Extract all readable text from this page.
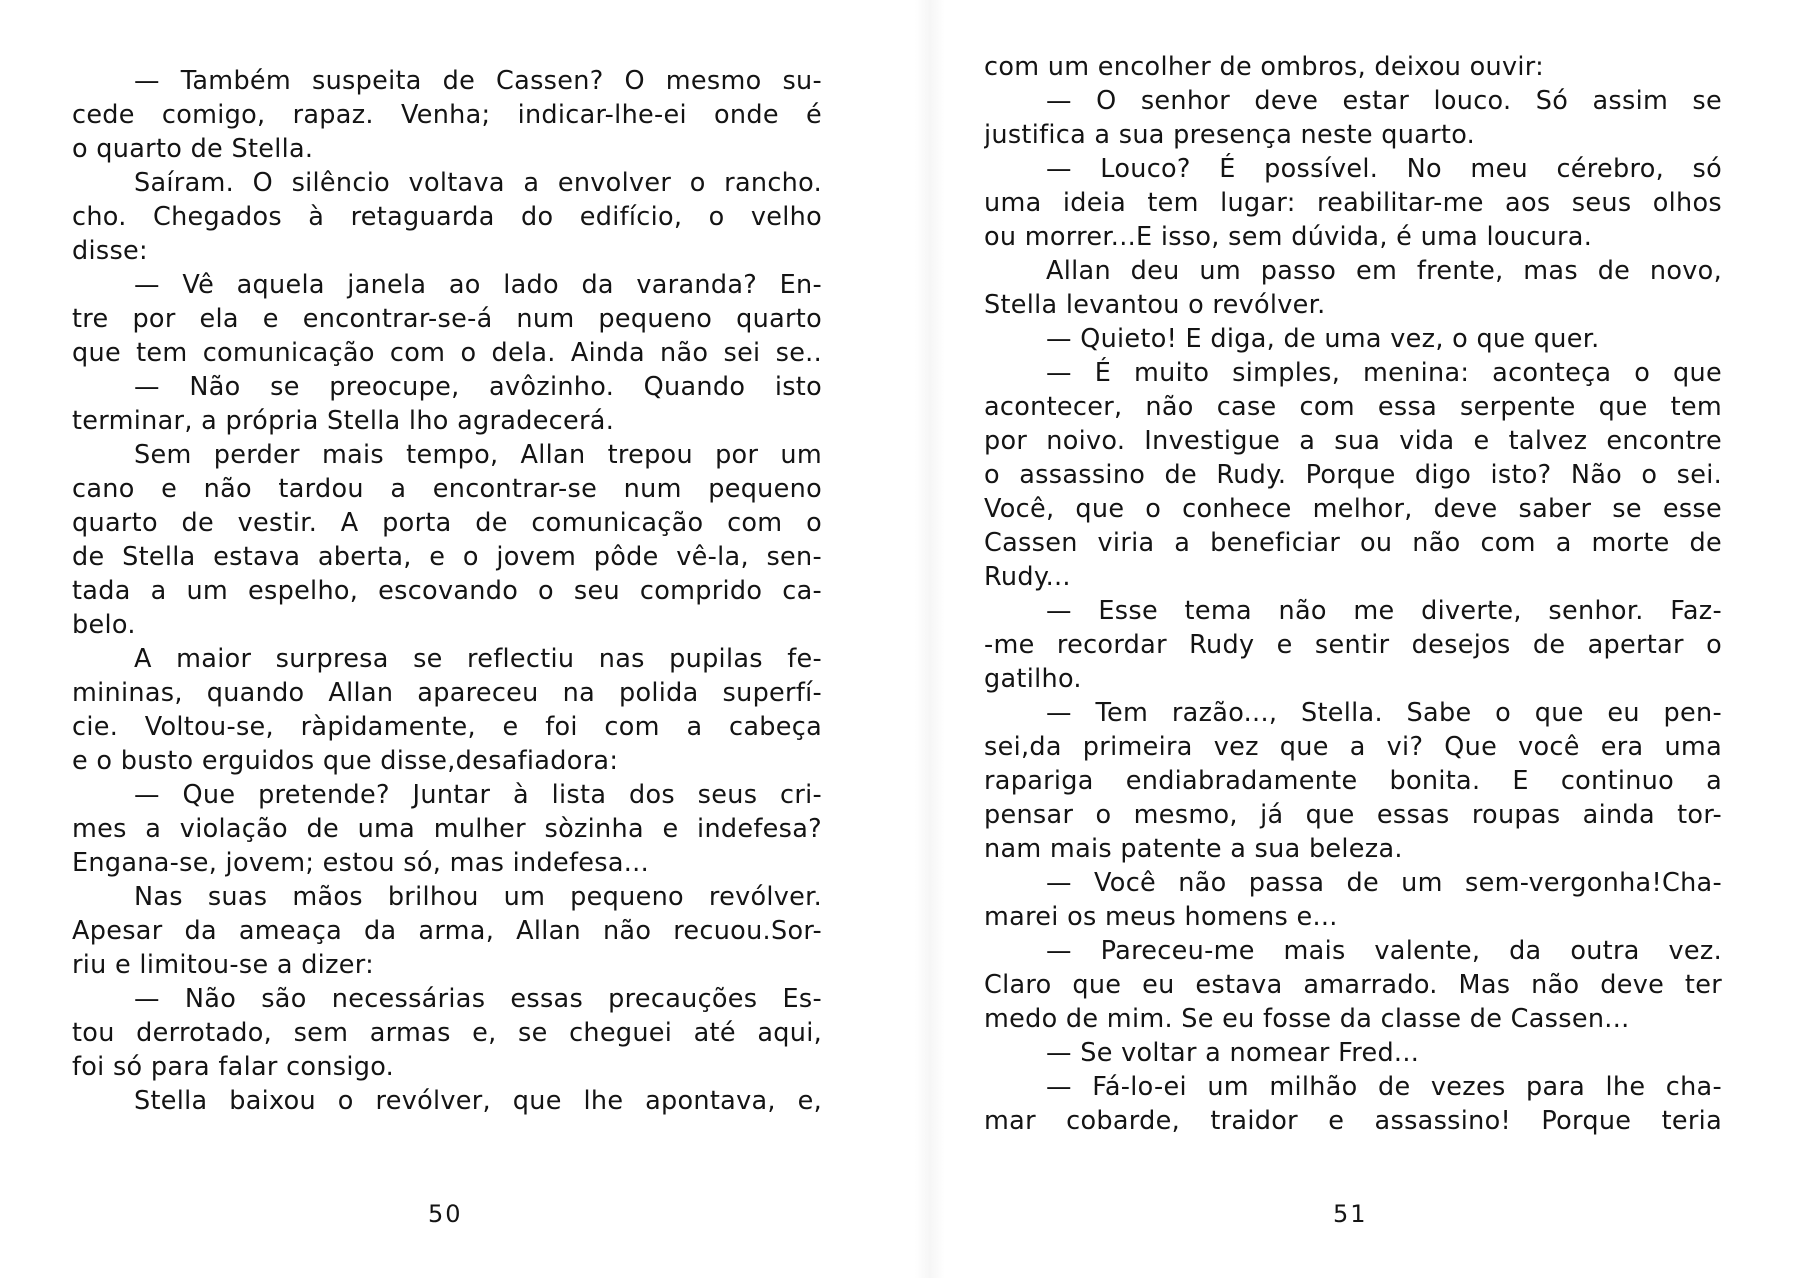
— Também suspeita de Cassen? O mesmo su-
cede comigo, rapaz. Venha; indicar-lhe-ei onde é
o quarto de Stella.
Saíram. O silêncio voltava a envolver o rancho.
cho. Chegados à retaguarda do edifício, o velho
disse:
— Vê aquela janela ao lado da varanda? En-
tre por ela e encontrar-se-á num pequeno quarto
que tem comunicação com o dela. Ainda não sei se..
— Não se preocupe, avôzinho. Quando isto
terminar, a própria Stella lho agradecerá.
Sem perder mais tempo, Allan trepou por um
cano e não tardou a encontrar-se num pequeno
quarto de vestir. A porta de comunicação com o
de Stella estava aberta, e o jovem pôde vê-la, sen-
tada a um espelho, escovando o seu comprido ca-
belo.
A maior surpresa se reflectiu nas pupilas fe-
mininas, quando Allan apareceu na polida superfí-
cie. Voltou-se, ràpidamente, e foi com a cabeça
e o busto erguidos que disse,desafiadora:
— Que pretende? Juntar à lista dos seus cri-
mes a violação de uma mulher sòzinha e indefesa?
Engana-se, jovem; estou só, mas indefesa...
Nas suas mãos brilhou um pequeno revólver.
Apesar da ameaça da arma, Allan não recuou.Sor-
riu e limitou-se a dizer:
— Não são necessárias essas precauções Es-
tou derrotado, sem armas e, se cheguei até aqui,
foi só para falar consigo.
Stella baixou o revólver, que lhe apontava, e,
50
com um encolher de ombros, deixou ouvir:
— O senhor deve estar louco. Só assim se
justifica a sua presença neste quarto.
— Louco? É possível. No meu cérebro, só
uma ideia tem lugar: reabilitar-me aos seus olhos
ou morrer...E isso, sem dúvida, é uma loucura.
Allan deu um passo em frente, mas de novo,
Stella levantou o revólver.
— Quieto! E diga, de uma vez, o que quer.
— É muito simples, menina: aconteça o que
acontecer, não case com essa serpente que tem
por noivo. Investigue a sua vida e talvez encontre
o assassino de Rudy. Porque digo isto? Não o sei.
Você, que o conhece melhor, deve saber se esse
Cassen viria a beneficiar ou não com a morte de
Rudy...
— Esse tema não me diverte, senhor. Faz-
-me recordar Rudy e sentir desejos de apertar o
gatilho.
— Tem razão..., Stella. Sabe o que eu pen-
sei,da primeira vez que a vi? Que você era uma
rapariga endiabradamente bonita. E continuo a
pensar o mesmo, já que essas roupas ainda tor-
nam mais patente a sua beleza.
— Você não passa de um sem-vergonha!Cha-
marei os meus homens e...
— Pareceu-me mais valente, da outra vez.
Claro que eu estava amarrado. Mas não deve ter
medo de mim. Se eu fosse da classe de Cassen...
— Se voltar a nomear Fred...
— Fá-lo-ei um milhão de vezes para lhe cha-
mar cobarde, traidor e assassino! Porque teria
51
